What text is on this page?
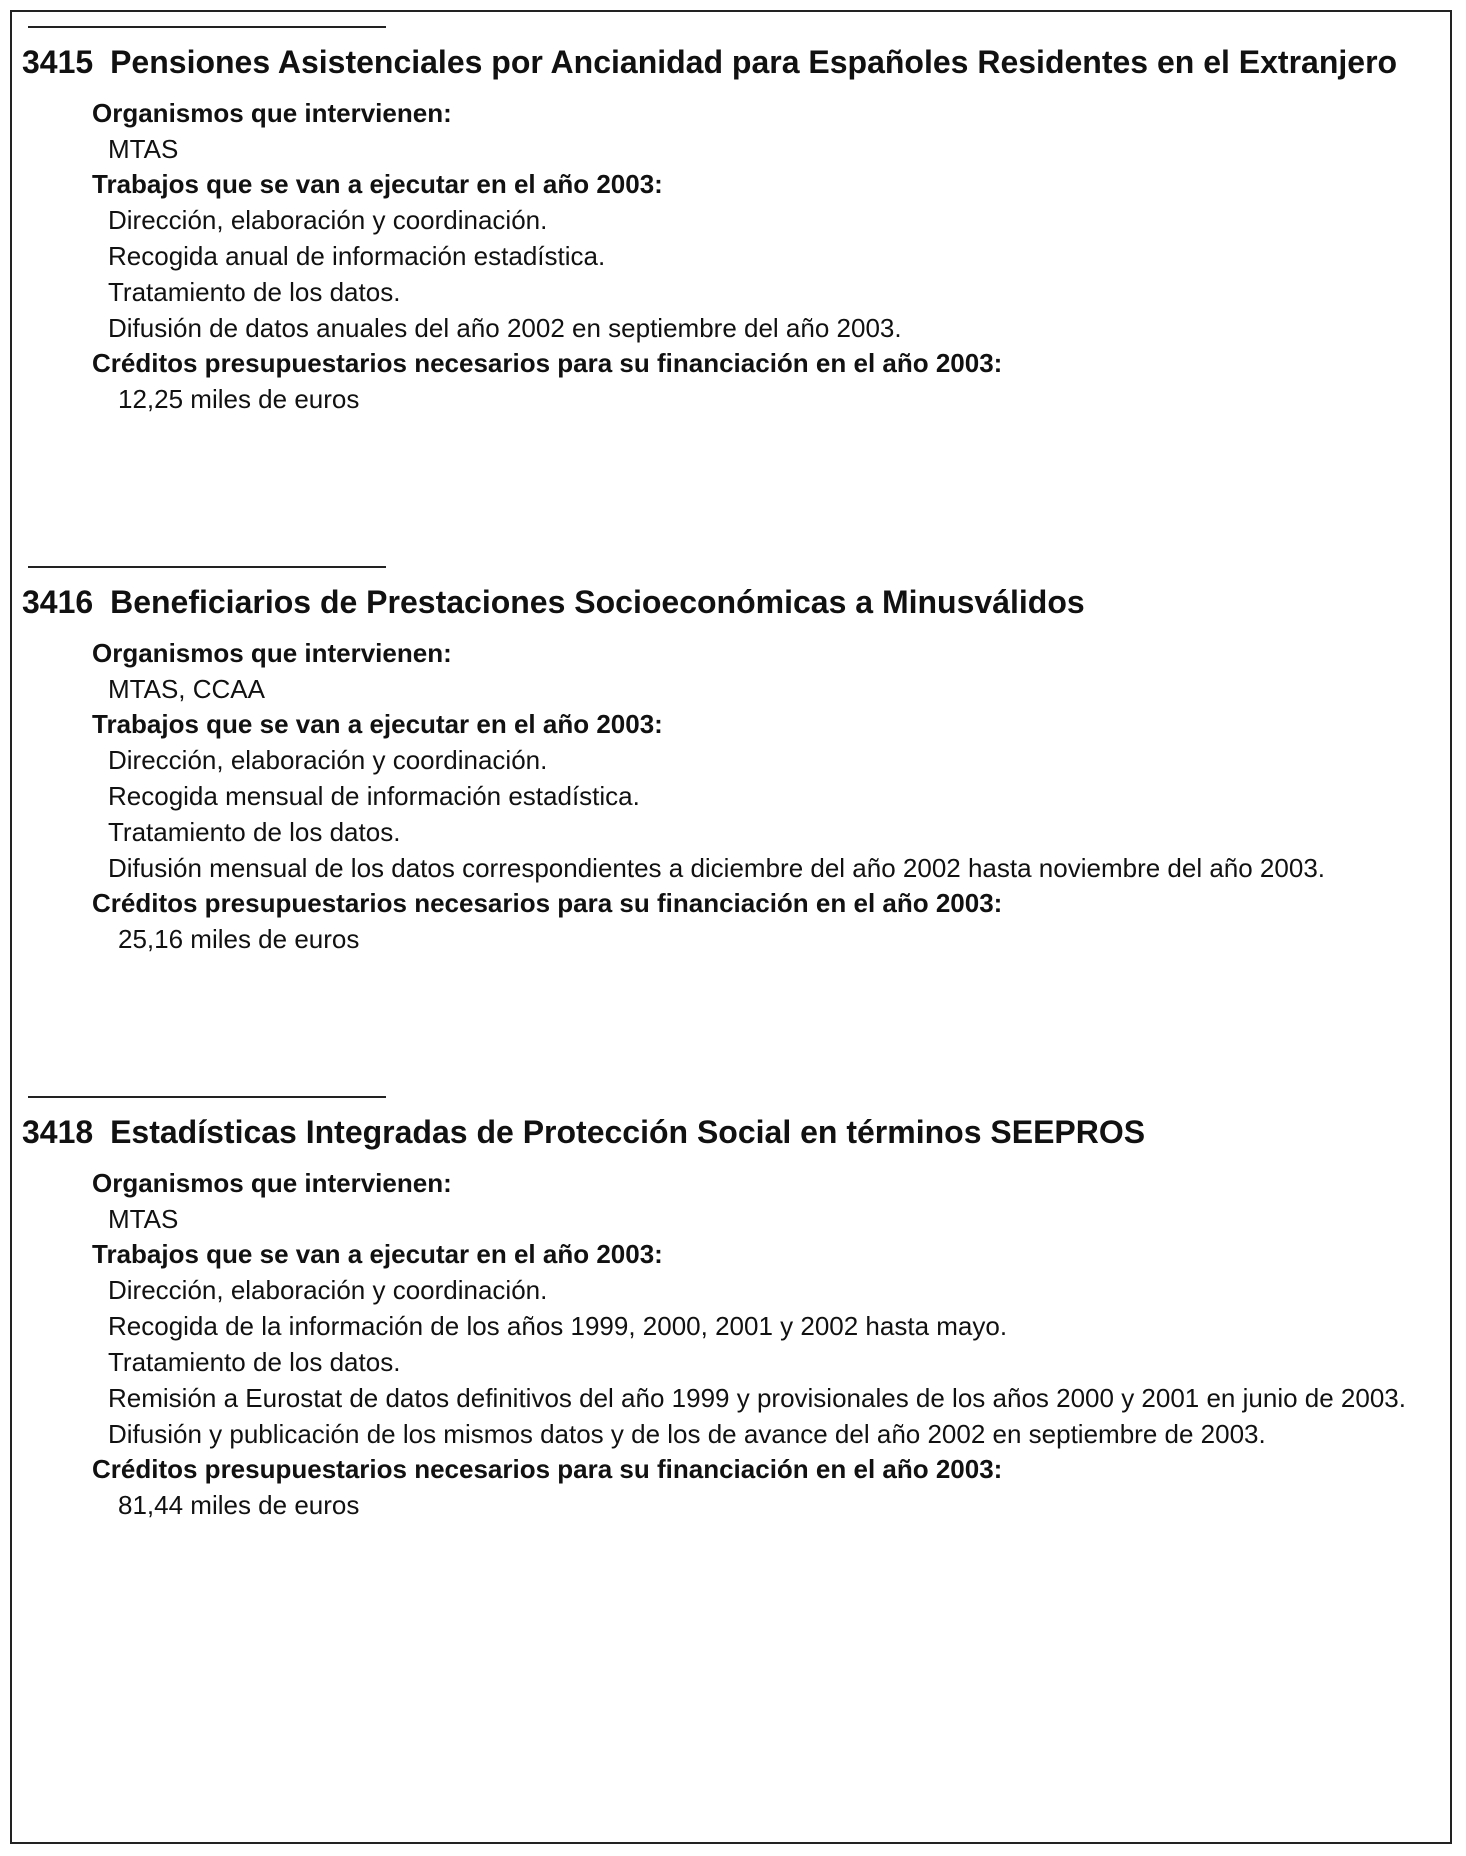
3415 Pensiones Asistenciales por Ancianidad para Españoles Residentes en el Extranjero
Organismos que intervienen:
MTAS
Trabajos que se van a ejecutar en el año 2003:
Dirección, elaboración y coordinación.
Recogida anual de información estadística.
Tratamiento de los datos.
Difusión de datos anuales del año 2002 en septiembre del año 2003.
Créditos presupuestarios necesarios para su financiación en el año 2003:
12,25 miles de euros
3416 Beneficiarios de Prestaciones Socioeconómicas a Minusválidos
Organismos que intervienen:
MTAS, CCAA
Trabajos que se van a ejecutar en el año 2003:
Dirección, elaboración y coordinación.
Recogida mensual de información estadística.
Tratamiento de los datos.
Difusión mensual de los datos correspondientes a diciembre del año 2002 hasta noviembre del año 2003.
Créditos presupuestarios necesarios para su financiación en el año 2003:
25,16 miles de euros
3418 Estadísticas Integradas de Protección Social en términos SEEPROS
Organismos que intervienen:
MTAS
Trabajos que se van a ejecutar en el año 2003:
Dirección, elaboración y coordinación.
Recogida de la información de los años 1999, 2000, 2001 y 2002 hasta mayo.
Tratamiento de los datos.
Remisión a Eurostat de datos definitivos del año 1999 y provisionales de los años 2000 y 2001 en junio de 2003.
Difusión y publicación de los mismos datos y de los de avance del año 2002 en septiembre de 2003.
Créditos presupuestarios necesarios para su financiación en el año 2003:
81,44 miles de euros
